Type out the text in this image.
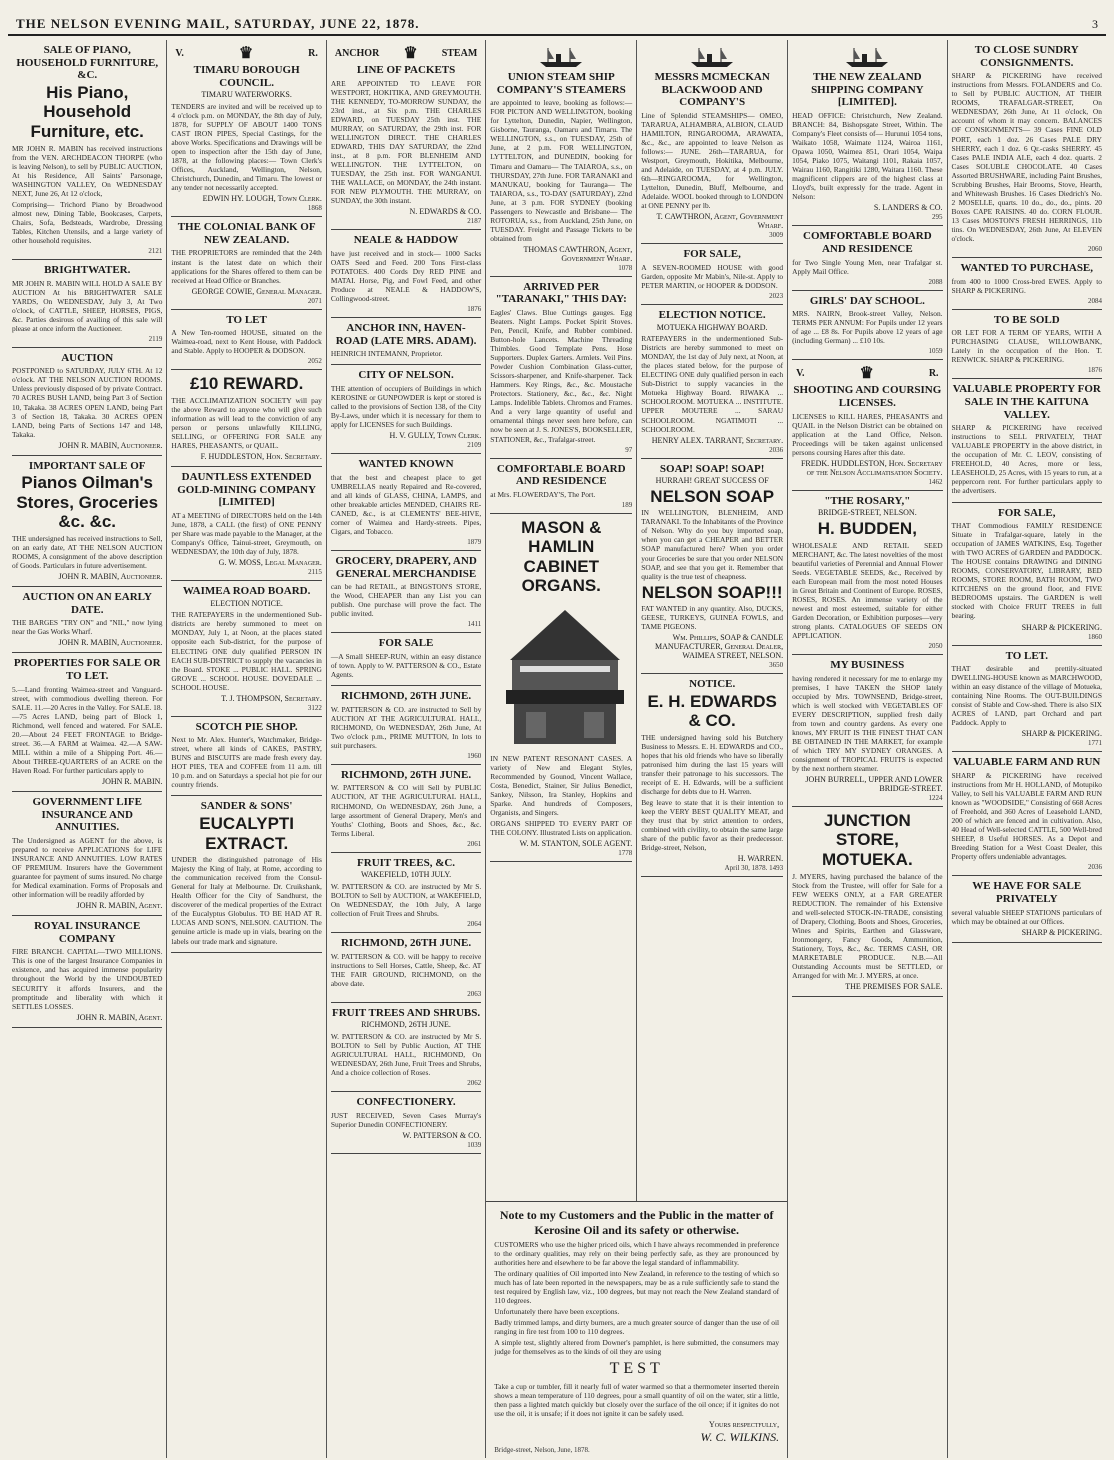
THE NELSON EVENING MAIL, SATURDAY, JUNE 22, 1878.	3
SALE OF PIANO, HOUSEHOLD FURNITURE, &C.
His Piano, Household Furniture, etc.

MR JOHN R. MABIN has received instructions from the VEN. ARCHDEACON THORPE (who is leaving Nelson), to sell by PUBLIC AUCTION, At his Residence, All Saints' Parsonage, WASHINGTON VALLEY, On WEDNESDAY NEXT, June 26, At 12 o'clock,

Comprising— Trichord Piano by Broadwood almost new, Dining Table, Bookcases, Carpets, Chairs, Sofa, Bedsteads, Wardrobe, Dressing Tables, Kitchen Utensils, and a large variety of other household requisites.

2121
BRIGHTWATER.

MR JOHN R. MABIN WILL HOLD A SALE BY AUCTION At his BRIGHTWATER SALE YARDS, On WEDNESDAY, July 3, At Two o'clock, of CATTLE, SHEEP, HORSES, PIGS, &c. Parties desirous of availing of this sale will please at once inform the Auctioneer.

2119
AUCTION

POSTPONED to SATURDAY, JULY 6TH. At 12 o'clock. AT THE NELSON AUCTION ROOMS. Unless previously disposed of by private Contract. 70 ACRES BUSH LAND, being Part 3 of Section 10, Takaka. 38 ACRES OPEN LAND, being Part 3 of Section 18, Takaka. 30 ACRES OPEN LAND, being Parts of Sections 147 and 148, Takaka.

JOHN R. MABIN, Auctioneer.
IMPORTANT SALE OF
Pianos Oilman's Stores, Groceries &c. &c.

THE undersigned has received instructions to Sell, on an early date, AT THE NELSON AUCTION ROOMS, A consignment of the above description of Goods. Particulars in future advertisement.

JOHN R. MABIN, Auctioneer.
AUCTION ON AN EARLY DATE.

THE BARGES "TRY ON" and "NIL," now lying near the Gas Works Wharf.

JOHN R. MABIN, Auctioneer.
PROPERTIES FOR SALE OR TO LET.

5.—Land fronting Waimea-street and Vanguard-street, with commodious dwelling thereon. For SALE. 11.—20 Acres in the Valley. For SALE. 18.—75 Acres LAND, being part of Block 1, Richmond, well fenced and watered. For SALE. 20.—About 24 FEET FRONTAGE to Bridge-street. 36.—A FARM at Waimea. 42.—A SAW-MILL within a mile of a Shipping Port. 46.—About THREE-QUARTERS of an ACRE on the Haven Road. For further particulars apply to

JOHN R. MABIN.
GOVERNMENT LIFE INSURANCE AND ANNUITIES.

The Undersigned as AGENT for the above, is prepared to receive APPLICATIONS for LIFE INSURANCE AND ANNUITIES. LOW RATES OF PREMIUM. Insurers have the Government guarantee for payment of sums insured. No charge for Medical examination. Forms of Proposals and other information will be readily afforded by

JOHN R. MABIN, Agent.
ROYAL INSURANCE COMPANY

FIRE BRANCH. CAPITAL—TWO MILLIONS. This is one of the largest Insurance Companies in existence, and has acquired immense popularity throughout the World by the UNDOUBTED SECURITY it affords Insurers, and the promptitude and liberality with which it SETTLES LOSSES.

JOHN R. MABIN, Agent.
V.	♛	R.
TIMARU BOROUGH COUNCIL.
TIMARU WATERWORKS.

TENDERS are invited and will be received up to 4 o'clock p.m. on MONDAY, the 8th day of July, 1878, for SUPPLY OF ABOUT 1400 TONS CAST IRON PIPES, Special Castings, for the above Works. Specifications and Drawings will be open to inspection after the 15th day of June, 1878, at the following places:— Town Clerk's Offices, Auckland, Wellington, Nelson, Christchurch, Dunedin, and Timaru. The lowest or any tender not necessarily accepted.

EDWIN HY. LOUGH, Town Clerk.
1868
THE COLONIAL BANK OF NEW ZEALAND.

THE PROPRIETORS are reminded that the 24th instant is the latest date on which their applications for the Shares offered to them can be received at Head Office or Branches.

GEORGE COWIE, General Manager.
2071
TO LET

A New Ten-roomed HOUSE, situated on the Waimea-road, next to Kent House, with Paddock and Stable. Apply to HOOPER & DODSON.

2052
£10 REWARD.

THE ACCLIMATIZATION SOCIETY will pay the above Reward to anyone who will give such information as will lead to the conviction of any person or persons unlawfully KILLING, SELLING, or OFFERING FOR SALE any HARES, PHEASANTS, or QUAIL.

F. HUDDLESTON, Hon. Secretary.
DAUNTLESS EXTENDED GOLD-MINING COMPANY [LIMITED]

AT a MEETING of DIRECTORS held on the 14th June, 1878, a CALL (the first) of ONE PENNY per Share was made payable to the Manager, at the Company's Office, Tainui-street, Greymouth, on WEDNESDAY, the 10th day of July, 1878.

G. W. MOSS, Legal Manager.
2115
WAIMEA ROAD BOARD.
ELECTION NOTICE.

THE RATEPAYERS in the undermentioned Sub-districts are hereby summoned to meet on MONDAY, July 1, at Noon, at the places stated opposite each Sub-district, for the purpose of ELECTING ONE duly qualified PERSON IN EACH SUB-DISTRICT to supply the vacancies in the Board. STOKE ... PUBLIC HALL. SPRING GROVE ... SCHOOL HOUSE. DOVEDALE ... SCHOOL HOUSE.

T. J. THOMPSON, Secretary.
3122
SCOTCH PIE SHOP.

Next to Mr. Alex. Hunter's, Watchmaker, Bridge-street, where all kinds of CAKES, PASTRY, BUNS and BISCUITS are made fresh every day. HOT PIES, TEA and COFFEE from 11 a.m. till 10 p.m. and on Saturdays a special hot pie for our country friends.

SANDER & SONS'
EUCALYPTI EXTRACT.

UNDER the distinguished patronage of His Majesty the King of Italy, at Rome, according to the communication received from the Consul-General for Italy at Melbourne. Dr. Cruikshank, Health Officer for the City of Sandhurst, the discoverer of the medical properties of the Extract of the Eucalyptus Globulus. TO BE HAD AT R. LUCAS AND SON'S, NELSON. CAUTION. The genuine article is made up in vials, bearing on the labels our trade mark and signature.

ANCHOR ♛ STEAM
LINE OF PACKETS

ARE APPOINTED TO LEAVE FOR WESTPORT, HOKITIKA, AND GREYMOUTH. THE KENNEDY, TO-MORROW SUNDAY, the 23rd inst., at Six p.m. THE CHARLES EDWARD, on TUESDAY 25th inst. THE MURRAY, on SATURDAY, the 29th inst. FOR WELLINGTON DIRECT. THE CHARLES EDWARD, THIS DAY SATURDAY, the 22nd inst., at 8 p.m. FOR BLENHEIM AND WELLINGTON. THE LYTTELTON, on TUESDAY, the 25th inst. FOR WANGANUI. THE WALLACE, on MONDAY, the 24th instant. FOR NEW PLYMOUTH. THE MURRAY, on SUNDAY, the 30th instant.

N. EDWARDS & CO.
2187
NEALE & HADDOW

have just received and in stock— 1000 Sacks OATS Seed and Feed. 200 Tons First-class POTATOES. 400 Cords Dry RED PINE and MATAI. Horse, Pig, and Fowl Feed, and other Produce at NEALE & HADDOW'S, Collingwood-street.

1876
ANCHOR INN, HAVEN-ROAD (LATE MRS. ADAM).

HEINRICH INTEMANN, Proprietor.

CITY OF NELSON.

THE attention of occupiers of Buildings in which KEROSINE or GUNPOWDER is kept or stored is called to the provisions of Section 138, of the City By-Laws, under which it is necessary for them to apply for LICENSES for such Buildings.

H. V. GULLY, Town Clerk.
2109
WANTED KNOWN

that the best and cheapest place to get UMBRELLAS neatly Repaired and Re-covered, and all kinds of GLASS, CHINA, LAMPS, and other breakable articles MENDED, CHAIRS RE-CANED, &c., is at CLEMENTS' BEE-HIVE, corner of Waimea and Hardy-streets. Pipes, Cigars, and Tobacco.

1879
GROCERY, DRAPERY, AND GENERAL MERCHANDISE

can be had RETAIL, at BINGSTON'S STORE, the Wood, CHEAPER than any List you can publish. One purchase will prove the fact. The public invited.

1411
FOR SALE

—A Small SHEEP-RUN, within an easy distance of town. Apply to W. PATTERSON & CO., Estate Agents.

RICHMOND, 26TH JUNE.

W. PATTERSON & CO. are instructed to Sell by AUCTION AT THE AGRICULTURAL HALL, RICHMOND, On WEDNESDAY, 26th June, At Two o'clock p.m., PRIME MUTTON, In lots to suit purchasers.

1960
RICHMOND, 26TH JUNE.

W. PATTERSON & CO will Sell by PUBLIC AUCTION, AT THE AGRICULTURAL HALL, RICHMOND, On WEDNESDAY, 26th June, a large assortment of General Drapery, Men's and Youths' Clothing, Boots and Shoes, &c., &c. Terms Liberal.

2061
FRUIT TREES, &C.
WAKEFIELD, 10TH JULY.

W. PATTERSON & CO. are instructed by Mr S. BOLTON to Sell by AUCTION, at WAKEFIELD, On WEDNESDAY, the 10th July, A large collection of Fruit Trees and Shrubs.

2064
RICHMOND, 26TH JUNE.

W. PATTERSON & CO. will be happy to receive instructions to Sell Horses, Cattle, Sheep, &c. AT THE FAIR GROUND, RICHMOND, on the above date.

2063
FRUIT TREES AND SHRUBS.
RICHMOND, 26TH JUNE.

W. PATTERSON & CO. are instructed by Mr S. BOLTON to Sell by Public Auction, AT THE AGRICULTURAL HALL, RICHMOND, On WEDNESDAY, 26th June, Fruit Trees and Shrubs, And a choice collection of Roses.

2062
CONFECTIONERY.

JUST RECEIVED, Seven Cases Murray's Superior Dunedin CONFECTIONERY.

W. PATTERSON & CO.
1039
UNION STEAM SHIP COMPANY'S STEAMERS

are appointed to leave, booking as follows:— FOR PICTON AND WELLINGTON, booking for Lyttelton, Dunedin, Napier, Wellington, Gisborne, Tauranga, Oamaru and Timaru. The WELLINGTON, s.s., on TUESDAY, 25th of June, at 2 p.m. FOR WELLINGTON, LYTTELTON, and DUNEDIN, booking for Timaru and Oamaru— The TAIAROA, s.s., on THURSDAY, 27th June. FOR TARANAKI and MANUKAU, booking for Tauranga— The TAIAROA, s.s., TO-DAY (SATURDAY), 22nd June, at 3 p.m. FOR SYDNEY (booking Passengers to Newcastle and Brisbane— The ROTORUA, s.s., from Auckland, 25th June, on TUESDAY. Freight and Passage Tickets to be obtained from

THOMAS CAWTHRON, Agent, Government Wharf.
1078
ARRIVED PER "TARANAKI," THIS DAY:

Eagles' Claws. Blue Cuttings gauges. Egg Beaters. Night Lamps. Pocket Spirit Stoves. Pen, Pencil, Knife, and Rubber combined. Button-hole Lancets. Machine Threading Thimbles. Good Template Pens. Hose Supporters. Duplex Garters. Armlets. Veil Pins. Powder Cushion Combination Glass-cutter, Scissors-sharpener, and Knife-sharpener. Tack Hammers. Key Rings, &c., &c. Moustache Protectors. Stationery, &c., &c., &c. Night Lamps. Indelible Tablets. Chromos and Frames. And a very large quantity of useful and ornamental things never seen here before, can now be seen at J. S. JONES'S, BOOKSELLER, STATIONER, &c., Trafalgar-street.

97
COMFORTABLE BOARD AND RESIDENCE

at Mrs. FLOWERDAY'S, The Port.

189
MASON & HAMLIN CABINET ORGANS.

IN NEW PATENT RESONANT CASES. A variety of New and Elegant Styles, Recommended by Gounod, Vincent Wallace, Costa, Benedict, Stainer, Sir Julius Benedict, Sankey, Nilsson, Ira Stanley, Hopkins and Sparke. And hundreds of Composers, Organists, and Singers.

ORGANS SHIPPED TO EVERY PART OF THE COLONY. Illustrated Lists on application.

W. M. STANTON, SOLE AGENT.
1778
MESSRS MCMECKAN BLACKWOOD AND COMPANY'S

Line of Splendid STEAMSHIPS— OMEO, TARARUA, ALHAMBRA, ALBION, CLAUD HAMILTON, RINGAROOMA, ARAWATA, &c., &c., are appointed to leave Nelson as follows:— JUNE. 26th—TARARUA, for Westport, Greymouth, Hokitika, Melbourne, and Adelaide, on TUESDAY, at 4 p.m. JULY. 6th—RINGAROOMA, for Wellington, Lyttelton, Dunedin, Bluff, Melbourne, and Adelaide. WOOL booked through to LONDON at ONE PENNY per lb.

T. CAWTHRON, Agent, Government Wharf.
3009
FOR SALE,

A SEVEN-ROOMED HOUSE with good Garden, opposite Mr Mabin's, Nile-st. Apply to PETER MARTIN, or HOOPER & DODSON.

2023
ELECTION NOTICE.
MOTUEKA HIGHWAY BOARD.

RATEPAYERS in the undermentioned Sub-Districts are hereby summoned to meet on MONDAY, the 1st day of July next, at Noon, at the places stated below, for the purpose of ELECTING ONE duly qualified person in each Sub-District to supply vacancies in the Motueka Highway Board. RIWAKA ... SCHOOLROOM. MOTUEKA ... INSTITUTE. UPPER MOUTERE ... SARAU SCHOOLROOM. NGATIMOTI ... SCHOOLROOM.

HENRY ALEX. TARRANT, Secretary.
2036
SOAP! SOAP! SOAP!
HURRAH! GREAT SUCCESS OF
NELSON SOAP

IN WELLINGTON, BLENHEIM, AND TARANAKI. To the Inhabitants of the Province of Nelson. Why do you buy imported soap, when you can get a CHEAPER and BETTER SOAP manufactured here? When you order your Groceries be sure that you order NELSON SOAP, and see that you get it. Remember that quality is the true test of cheapness.

NELSON SOAP!!!

FAT WANTED in any quantity. Also, DUCKS, GEESE, TURKEYS, GUINEA FOWLS, and TAME PIGEONS.

Wm. Phillips, SOAP & CANDLE MANUFACTURER, General Dealer, WAIMEA STREET, NELSON.
3650
NOTICE.
E. H. EDWARDS & CO.

THE undersigned having sold his Butchery Business to Messrs. E. H. EDWARDS and CO., hopes that his old friends who have so liberally patronised him during the last 15 years will transfer their patronage to his successors. The receipt of E. H. Edwards, will be a sufficient discharge for debts due to H. Warren.

Beg leave to state that it is their intention to keep the VERY BEST QUALITY MEAT, and they trust that by strict attention to orders, combined with civility, to obtain the same large share of the public favor as their predecessor. Bridge-street, Nelson,

H. WARREN.
April 30, 1878. 1493
Note to my Customers and the Public in the matter of Kerosine Oil and its safety or otherwise.

CUSTOMERS who use the higher priced oils, which I have always recommended in preference to the ordinary qualities, may rely on their being perfectly safe, as they are pronounced by authorities here and elsewhere to be far above the legal standard of inflammability.

The ordinary qualities of Oil imported into New Zealand, in reference to the testing of which so much has of late been reported in the newspapers, may be as a rule sufficiently safe to stand the test required by English law, viz., 100 degrees, but may not reach the New Zealand standard of 110 degrees.

Unfortunately there have been exceptions.

Badly trimmed lamps, and dirty burners, are a much greater source of danger than the use of oil ranging in fire test from 100 to 110 degrees.

A simple test, slightly altered from Downer's pamphlet, is here submitted, the consumers may judge for themselves as to the kinds of oil they are using

TEST

Take a cup or tumbler, fill it nearly full of water warmed so that a thermometer inserted therein shows a mean temperature of 110 degrees, pour a small quantity of oil on the water, stir a little, then pass a lighted match quickly but closely over the surface of the oil once; if it ignites do not use the oil, it is unsafe; if it does not ignite it can be safely used.

Yours respectfully,
W. C. WILKINS.
Bridge-street, Nelson, June, 1878.
THE NEW ZEALAND SHIPPING COMPANY [LIMITED].

HEAD OFFICE: Christchurch, New Zealand. BRANCH: 84, Bishopsgate Street, Within. The Company's Fleet consists of— Hurunui 1054 tons, Waikato 1058, Waimate 1124, Wairoa 1161, Opawa 1050, Waimea 851, Orari 1054, Waipa 1054, Piako 1075, Waitangi 1101, Rakaia 1057, Wairau 1160, Rangitiki 1280, Waitara 1160. These magnificent clippers are of the highest class at Lloyd's, built expressly for the trade. Agent in Nelson:

S. LANDERS & CO.
295
COMFORTABLE BOARD AND RESIDENCE

for Two Single Young Men, near Trafalgar st. Apply Mail Office.

2088
GIRLS' DAY SCHOOL.

MRS. NAIRN, Brook-street Valley, Nelson. TERMS PER ANNUM: For Pupils under 12 years of age ... £8 8s. For Pupils above 12 years of age (including German) ... £10 10s.

1059
V.	♛	R.
SHOOTING AND COURSING LICENSES.

LICENSES to KILL HARES, PHEASANTS and QUAIL in the Nelson District can be obtained on application at the Land Office, Nelson. Proceedings will be taken against unlicensed persons coursing Hares after this date.

FREDK. HUDDLESTON, Hon. Secretary of the Nelson Acclimatisation Society.
1462
"THE ROSARY,"
BRIDGE-STREET, NELSON.
H. BUDDEN,

WHOLESALE AND RETAIL SEED MERCHANT, &c. The latest novelties of the most beautiful varieties of Perennial and Annual Flower Seeds. VEGETABLE SEEDS, &c., Received by each European mail from the most noted Houses in Great Britain and Continent of Europe. ROSES, ROSES, ROSES. An immense variety of the newest and most esteemed, suitable for either Garden Decoration, or Exhibition purposes—very strong plants. CATALOGUES OF SEEDS ON APPLICATION.

2050
MY BUSINESS

having rendered it necessary for me to enlarge my premises, I have TAKEN the SHOP lately occupied by Mrs. TOWNSEND, Bridge-street, which is well stocked with VEGETABLES OF EVERY DESCRIPTION, supplied fresh daily from town and country gardens. As every one knows, MY FRUIT IS THE FINEST THAT CAN BE OBTAINED IN THE MARKET, for example of which TRY MY SYDNEY ORANGES. A consignment of TROPICAL FRUITS is expected by the next northern steamer.

JOHN BURRELL, UPPER AND LOWER BRIDGE-STREET.
1224
JUNCTION STORE, MOTUEKA.

J. MYERS, having purchased the balance of the Stock from the Trustee, will offer for Sale for a FEW WEEKS ONLY, at a FAR GREATER REDUCTION. The remainder of his Extensive and well-selected STOCK-IN-TRADE, consisting of Drapery, Clothing, Boots and Shoes, Groceries, Wines and Spirits, Earthen and Glassware, Ironmongery, Fancy Goods, Ammunition, Stationery, Toys, &c., &c. TERMS CASH, OR MARKETABLE PRODUCE. N.B.—All Outstanding Accounts must be SETTLED, or Arranged for with Mr. J. MYERS, at once.

THE PREMISES FOR SALE.
TO CLOSE SUNDRY CONSIGNMENTS.

SHARP & PICKERING have received instructions from Messrs. FOLANDERS and Co. to Sell by PUBLIC AUCTION, AT THEIR ROOMS, TRAFALGAR-STREET, On WEDNESDAY, 26th June, At 11 o'clock, On account of whom it may concern. BALANCES OF CONSIGNMENTS— 39 Cases FINE OLD PORT, each 1 doz. 26 Cases PALE DRY SHERRY, each 1 doz. 6 Qr.-casks SHERRY. 45 Cases PALE INDIA ALE, each 4 doz. quarts. 2 Cases SOLUBLE CHOCOLATE. 40 Cases Assorted BRUSHWARE, including Paint Brushes, Scrubbing Brushes, Hair Brooms, Stove, Hearth, and Whitewash Brushes. 16 Cases Diedrich's No. 2 MOSELLE, quarts. 10 do., do., do., pints. 20 Boxes CAPE RAISINS. 40 do. CORN FLOUR. 13 Cases MOSTON'S FRESH HERRINGS, 11b tins. On WEDNESDAY, 26th June, At ELEVEN o'clock.

2060
WANTED TO PURCHASE,

from 400 to 1000 Cross-bred EWES. Apply to SHARP & PICKERING.

2084
TO BE SOLD

OR LET FOR A TERM OF YEARS, WITH A PURCHASING CLAUSE, WILLOWBANK, Lately in the occupation of the Hon. T. RENWICK. SHARP & PICKERING.

1876
VALUABLE PROPERTY FOR SALE IN THE KAITUNA VALLEY.

SHARP & PICKERING have received instructions to SELL PRIVATELY, THAT VALUABLE PROPERTY in the above district, in the occupation of Mr. C. LEOV, consisting of FREEHOLD, 40 Acres, more or less, LEASEHOLD, 25 Acres, with 15 years to run, at a peppercorn rent. For further particulars apply to the advertisers.

FOR SALE,

THAT Commodious FAMILY RESIDENCE Situate in Trafalgar-square, lately in the occupation of JAMES WATKINS, Esq. Together with TWO ACRES of GARDEN and PADDOCK. The HOUSE contains DRAWING and DINING ROOMS, CONSERVATORY, LIBRARY, BED ROOMS, STORE ROOM, BATH ROOM, TWO KITCHENS on the ground floor, and FIVE BEDROOMS upstairs. The GARDEN is well stocked with Choice FRUIT TREES in full bearing.

SHARP & PICKERING.
1860
TO LET.

THAT desirable and prettily-situated DWELLING-HOUSE known as MARCHWOOD, within an easy distance of the village of Motueka, containing Nine Rooms. The OUT-BUILDINGS consist of Stable and Cow-shed. There is also SIX ACRES of LAND, part Orchard and part Paddock. Apply to

SHARP & PICKERING.
1771
VALUABLE FARM AND RUN

SHARP & PICKERING have received instructions from Mr H. HOLLAND, of Motupiko Valley, to Sell his VALUABLE FARM AND RUN known as "WOODSIDE," Consisting of 668 Acres of Freehold, and 360 Acres of Leasehold LAND, 200 of which are fenced and in cultivation. Also, 40 Head of Well-selected CATTLE, 500 Well-bred SHEEP, 8 Useful HORSES. As a Depot and Breeding Station for a West Coast Dealer, this Property offers undeniable advantages.

2036
WE HAVE FOR SALE PRIVATELY

several valuable SHEEP STATIONS particulars of which may be obtained at our Offices.

SHARP & PICKERING.
